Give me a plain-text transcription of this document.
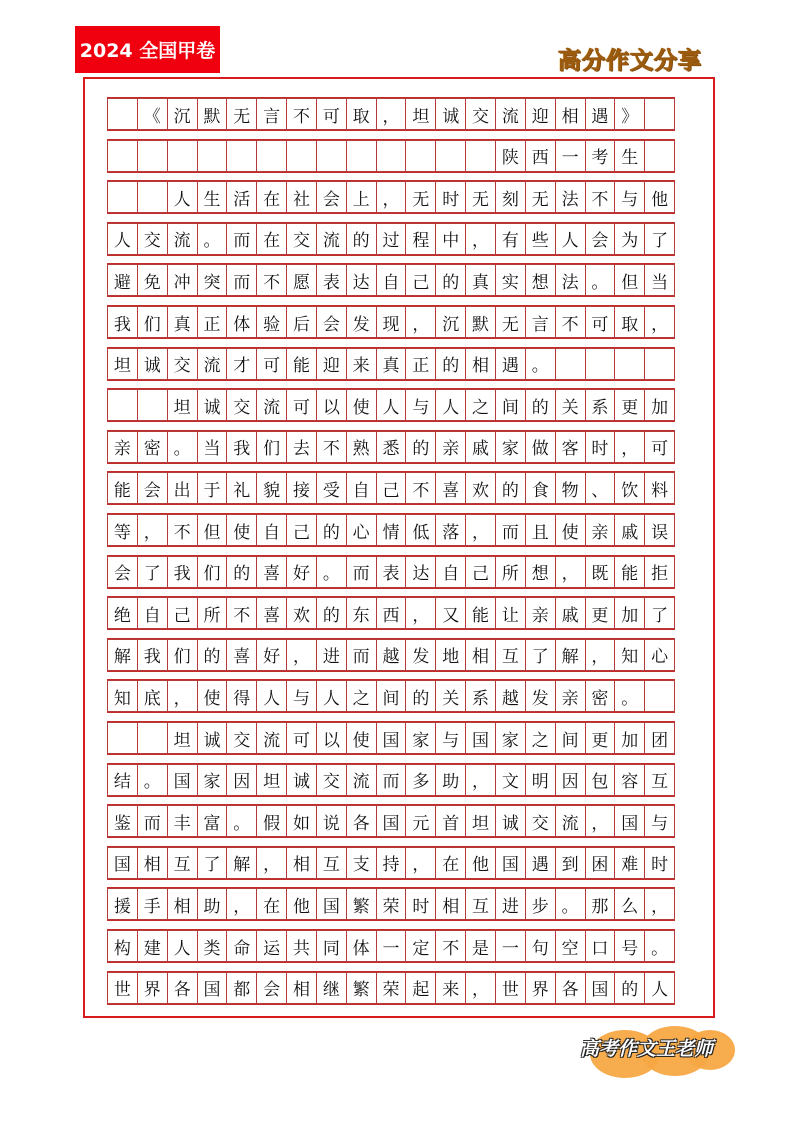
2024 全国甲卷	高分作文分享
《 沉 默 无 言 不 可 取 ， 坦 诚 交 流 迎 相 遇 》
陕 西 一 考 生
人 生 活 在 社 会 上 ， 无 时 无 刻 无 法 不 与 他
人 交 流 。 而 在 交 流 的 过 程 中 ， 有 些 人 会 为 了
避 免 冲 突 而 不 愿 表 达 自 己 的 真 实 想 法 。 但 当
我 们 真 正 体 验 后 会 发 现 ， 沉 默 无 言 不 可 取 ，
坦 诚 交 流 才 可 能 迎 来 真 正 的 相 遇 。
坦 诚 交 流 可 以 使 人 与 人 之 间 的 关 系 更 加
亲 密 。 当 我 们 去 不 熟 悉 的 亲 戚 家 做 客 时 ， 可
能 会 出 于 礼 貌 接 受 自 己 不 喜 欢 的 食 物 、 饮 料
等 ， 不 但 使 自 己 的 心 情 低 落 ， 而 且 使 亲 戚 误
会 了 我 们 的 喜 好 。 而 表 达 自 己 所 想 ， 既 能 拒
绝 自 己 所 不 喜 欢 的 东 西 ， 又 能 让 亲 戚 更 加 了
解 我 们 的 喜 好 ， 进 而 越 发 地 相 互 了 解 ， 知 心
知 底 ， 使 得 人 与 人 之 间 的 关 系 越 发 亲 密 。
坦 诚 交 流 可 以 使 国 家 与 国 家 之 间 更 加 团
结 。 国 家 因 坦 诚 交 流 而 多 助 ， 文 明 因 包 容 互
鉴 而 丰 富 。 假 如 说 各 国 元 首 坦 诚 交 流 ， 国 与
国 相 互 了 解 ， 相 互 支 持 ， 在 他 国 遇 到 困 难 时
援 手 相 助 ， 在 他 国 繁 荣 时 相 互 进 步 。 那 么 ，
构 建 人 类 命 运 共 同 体 一 定 不 是 一 句 空 口 号 。
世 界 各 国 都 会 相 继 繁 荣 起 来 ， 世 界 各 国 的 人
高考作文王老师
